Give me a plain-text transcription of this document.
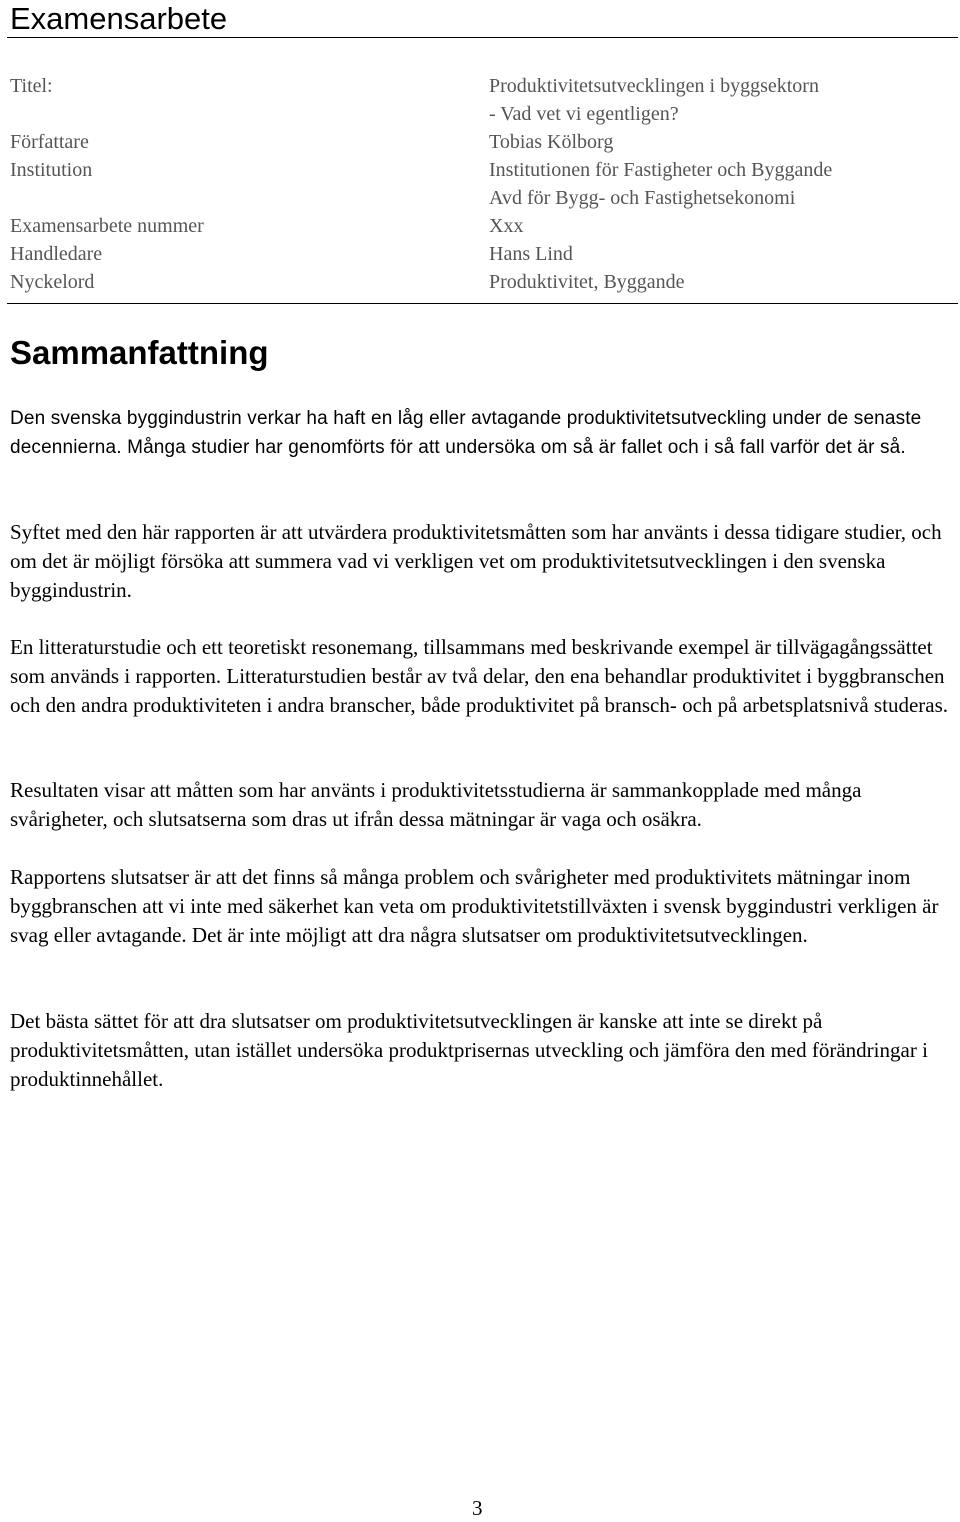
Examensarbete
Titel:	Produktivitetsutvecklingen i byggsektorn
- Vad vet vi egentligen?
Författare	Tobias Kölborg
Institution	Institutionen för Fastigheter och Byggande
Avd för Bygg- och Fastighetsekonomi
Examensarbete nummer	Xxx
Handledare	Hans Lind
Nyckelord	Produktivitet, Byggande
Sammanfattning

Den svenska byggindustrin verkar ha haft en låg eller avtagande produktivitetsutveckling under de senaste decennierna. Många studier har genomförts för att undersöka om så är fallet och i så fall varför det är så.

Syftet med den här rapporten är att utvärdera produktivitetsmåtten som har använts i dessa tidigare studier, och om det är möjligt försöka att summera vad vi verkligen vet om produktivitetsutvecklingen i den svenska byggindustrin.

En litteraturstudie och ett teoretiskt resonemang, tillsammans med beskrivande exempel är tillvägagångssättet som används i rapporten. Litteraturstudien består av två delar, den ena behandlar produktivitet i byggbranschen och den andra produktiviteten i andra branscher, både produktivitet på bransch- och på arbetsplatsnivå studeras.

Resultaten visar att måtten som har använts i produktivitetsstudierna är sammankopplade med många svårigheter, och slutsatserna som dras ut ifrån dessa mätningar är vaga och osäkra.

Rapportens slutsatser är att det finns så många problem och svårigheter med produktivitets mätningar inom byggbranschen att vi inte med säkerhet kan veta om produktivitetstillväxten i svensk byggindustri verkligen är svag eller avtagande. Det är inte möjligt att dra några slutsatser om produktivitetsutvecklingen.

Det bästa sättet för att dra slutsatser om produktivitetsutvecklingen är kanske att inte se direkt på produktivitetsmåtten, utan istället undersöka produktprisernas utveckling och jämföra den med förändringar i produktinnehållet.

3
